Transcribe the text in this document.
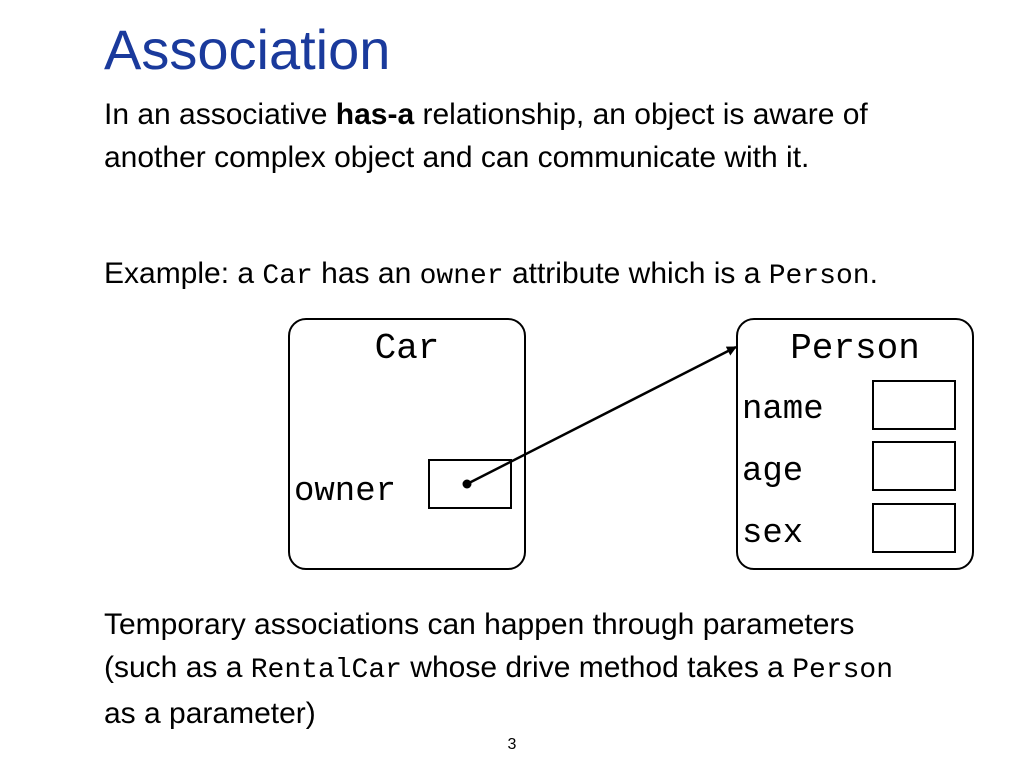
Association

In an associative has-a relationship, an object is aware of another complex object and can communicate with it.

Example: a Car has an owner attribute which is a Person.

Car
owner
Person
name
age
sex

Temporary associations can happen through parameters (such as a RentalCar whose drive method takes a Person as a parameter)

3
